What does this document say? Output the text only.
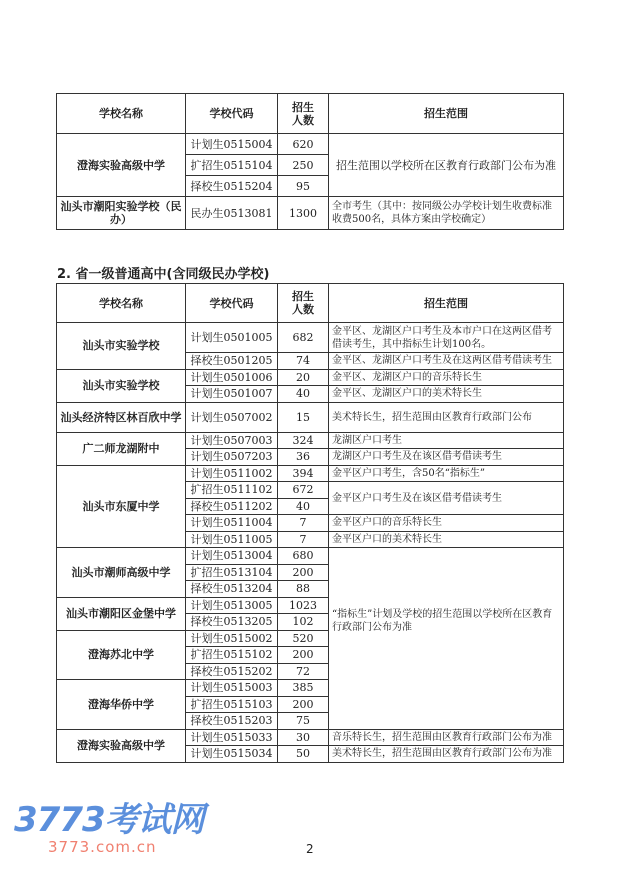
学校名称	学校代码	招生人数	招生范围
澄海实验高级中学	计划生0515004	620	招生范围以学校所在区教育行政部门公布为准
	扩招生0515104	250	
	择校生0515204	95	
汕头市潮阳实验学校（民办）	民办生0513081	1300	全市考生（其中：按同级公办学校计划生收费标准收费500名，具体方案由学校确定）
2. 省一级普通高中(含同级民办学校)
学校名称	学校代码	招生人数	招生范围
汕头市实验学校	计划生0501005	682	金平区、龙湖区户口考生及本市户口在这两区借考借读考生，其中指标生计划100名。
	择校生0501205	74	金平区、龙湖区户口考生及在这两区借考借读考生
汕头市实验学校	计划生0501006	20	金平区、龙湖区户口的音乐特长生
	计划生0501007	40	金平区、龙湖区户口的美术特长生
汕头经济特区林百欣中学	计划生0507002	15	美术特长生，招生范围由区教育行政部门公布
广二师龙湖附中	计划生0507003	324	龙湖区户口考生
	计划生0507203	36	龙湖区户口考生及在该区借考借读考生
汕头市东厦中学	计划生0511002	394	金平区户口考生，含50名“指标生”
	扩招生0511102	672	金平区户口考生及在该区借考借读考生
	择校生0511202	40	
	计划生0511004	7	金平区户口的音乐特长生
	计划生0511005	7	金平区户口的美术特长生
汕头市潮师高级中学	计划生0513004	680	“指标生”计划及学校的招生范围以学校所在区教育行政部门公布为准
	扩招生0513104	200	
	择校生0513204	88	
汕头市潮阳区金堡中学	计划生0513005	1023	
	择校生0513205	102	
澄海苏北中学	计划生0515002	520	
	扩招生0515102	200	
	择校生0515202	72	
澄海华侨中学	计划生0515003	385	
	扩招生0515103	200	
	择校生0515203	75	
澄海实验高级中学	计划生0515033	30	音乐特长生，招生范围由区教育行政部门公布为准
	计划生0515034	50	美术特长生，招生范围由区教育行政部门公布为准
3773考试网
3773.com.cn	2
